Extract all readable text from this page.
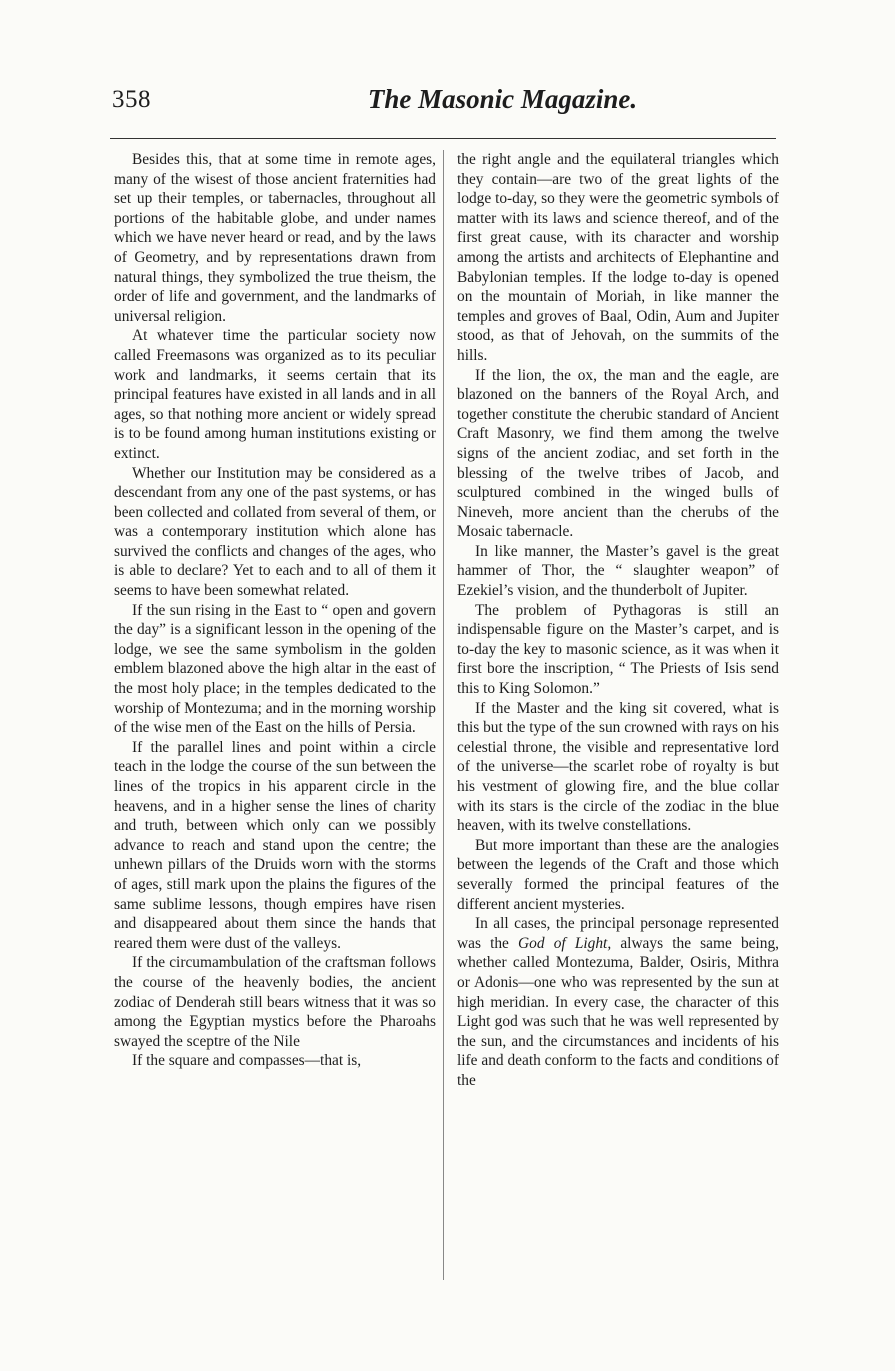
358	The Masonic Magazine.

Besides this, that at some time in remote ages, many of the wisest of those ancient fraternities had set up their temples, or tabernacles, throughout all portions of the habitable globe, and under names which we have never heard or read, and by the laws of Geometry, and by representations drawn from natural things, they symbolized the true theism, the order of life and government, and the landmarks of universal religion.

At whatever time the particular society now called Freemasons was organized as to its peculiar work and landmarks, it seems certain that its principal features have existed in all lands and in all ages, so that nothing more ancient or widely spread is to be found among human institutions existing or extinct.

Whether our Institution may be considered as a descendant from any one of the past systems, or has been collected and collated from several of them, or was a contemporary institution which alone has survived the conflicts and changes of the ages, who is able to declare? Yet to each and to all of them it seems to have been somewhat related.

If the sun rising in the East to “ open and govern the day” is a significant lesson in the opening of the lodge, we see the same symbolism in the golden emblem blazoned above the high altar in the east of the most holy place; in the temples dedicated to the worship of Montezuma; and in the morning worship of the wise men of the East on the hills of Persia.

If the parallel lines and point within a circle teach in the lodge the course of the sun between the lines of the tropics in his apparent circle in the heavens, and in a higher sense the lines of charity and truth, between which only can we possibly advance to reach and stand upon the centre; the unhewn pillars of the Druids worn with the storms of ages, still mark upon the plains the figures of the same sublime lessons, though empires have risen and disappeared about them since the hands that reared them were dust of the valleys.

If the circumambulation of the craftsman follows the course of the heavenly bodies, the ancient zodiac of Denderah still bears witness that it was so among the Egyptian mystics before the Pharoahs swayed the sceptre of the Nile

If the square and compasses—that is,

the right angle and the equilateral triangles which they contain—are two of the great lights of the lodge to-day, so they were the geometric symbols of matter with its laws and science thereof, and of the first great cause, with its character and worship among the artists and architects of Elephantine and Babylonian temples. If the lodge to-day is opened on the mountain of Moriah, in like manner the temples and groves of Baal, Odin, Aum and Jupiter stood, as that of Jehovah, on the summits of the hills.

If the lion, the ox, the man and the eagle, are blazoned on the banners of the Royal Arch, and together constitute the cherubic standard of Ancient Craft Masonry, we find them among the twelve signs of the ancient zodiac, and set forth in the blessing of the twelve tribes of Jacob, and sculptured combined in the winged bulls of Nineveh, more ancient than the cherubs of the Mosaic tabernacle.

In like manner, the Master’s gavel is the great hammer of Thor, the “ slaughter weapon” of Ezekiel’s vision, and the thunderbolt of Jupiter.

The problem of Pythagoras is still an indispensable figure on the Master’s carpet, and is to-day the key to masonic science, as it was when it first bore the inscription, “ The Priests of Isis send this to King Solomon.”

If the Master and the king sit covered, what is this but the type of the sun crowned with rays on his celestial throne, the visible and representative lord of the universe—the scarlet robe of royalty is but his vestment of glowing fire, and the blue collar with its stars is the circle of the zodiac in the blue heaven, with its twelve constellations.

But more important than these are the analogies between the legends of the Craft and those which severally formed the principal features of the different ancient mysteries.

In all cases, the principal personage represented was the God of Light, always the same being, whether called Montezuma, Balder, Osiris, Mithra or Adonis—one who was represented by the sun at high meridian. In every case, the character of this Light god was such that he was well represented by the sun, and the circumstances and incidents of his life and death conform to the facts and conditions of the
